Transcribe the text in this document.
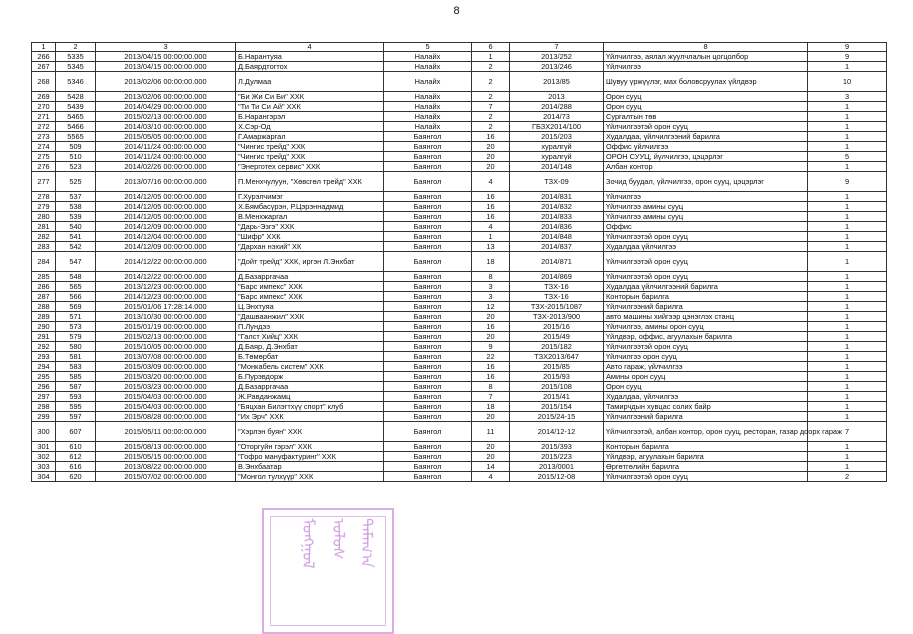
8
1	2	3	4	5	6	7	8	9
266	5335	2013/04/15 00:00:00.000	Б.Нарантуяа	Налайх	1	2013/252	Үйлчилгээ, аялал жуулчлалын цогцолбор	9
267	5345	2013/04/15 00:00:00.000	Д.Баярдтогтох	Налайх	2	2013/246	Үйлчилгээ	1
268	5346	2013/02/06 00:00:00.000	Л.Дулмаа	Налайх	2	2013/85	Шувуу үржүүлэг, мах боловсруулах үйлдвэр	10
269	5428	2013/02/06 00:00:00.000	"Би Жи Си Би" ХХК	Налайх	2	2013	Орон сууц	3
270	5439	2014/04/29 00:00:00.000	"Ти Ти Си Ай" ХХК	Налайх	7	2014/288	Орон сууц	1
271	5465	2015/02/13 00:00:00.000	Б.Нарангэрэл	Налайх	2	2014/73	Сургалтын төв	1
272	5466	2014/03/10 00:00:00.000	Х.Сэр-Од	Налайх	2	ГБЗХ2014/100	Үйлчилгээтэй орон сууц	1
273	5565	2015/05/05 00:00:00.000	Г.Амаржаргал	Баянгол	16	2015/203	Худалдаа, үйлчилгээний барилга	1
274	509	2014/11/24 00:00:00.000	"Чингис трейд" ХХК	Баянгол	20	хуралгүй	Оффис үйлчилгээ	1
275	510	2014/11/24 00:00:00.000	"Чингис трейд" ХХК	Баянгол	20	хуралгүй	ОРОН СУУЦ, йүлчилгээ, цэцэрлэг	5
276	523	2014/02/26 00:00:00.000	"Энерготех сервис" ХХК	Баянгол	20	2014/148	Албан контор	1
277	525	2013/07/16 00:00:00.000	П.Менхчулуун, "Хөвсгөл трейд" ХХК	Баянгол	4	ТЗХ-09	Зочид буудал, үйлчилгээ, орон сууц, цэцэрлэг	9
278	537	2014/12/05 00:00:00.000	Г.Хурэлчимэг	Баянгол	16	2014/831	Үйлчилгээ	1
279	538	2014/12/05 00:00:00.000	Х.Бямбасүрэн, Р.Цэрэннадмид	Баянгол	16	2014/832	Үйлчилгээ амины сууц	1
280	539	2014/12/05 00:00:00.000	В.Менхжаргал	Баянгол	16	2014/833	Үйлчилгээ амины сууц	1
281	540	2014/12/09 00:00:00.000	"Дарь-Эзгэ" ХХК	Баянгол	4	2014/836	Оффис	1
282	541	2014/12/04 00:00:00.000	"Шифр" ХХК	Баянгол	1	2014/848	Үйлчилгээтэй орон сууц	1
283	542	2014/12/09 00:00:00.000	"Дархан нэхий" ХК	Баянгол	13	2014/837	Худалдаа үйлчилгээ	1
284	547	2014/12/22 00:00:00.000	"Дойт трейд" ХХК, иргэн Л.Энхбат	Баянгол	18	2014/871	Үйлчилгээтэй орон сууц	1
285	548	2014/12/22 00:00:00.000	Д.Базарргачаа	Баянгол	8	2014/869	Үйлчилгээтэй орон сууц	1
286	565	2013/12/23 00:00:00.000	"Барс импекс" ХХК	Баянгол	3	ТЗХ-16	Худалдаа үйлчилгээний барилга	1
287	566	2014/12/23 00:00:00.000	"Барс импекс" ХХК	Баянгол	3	ТЗХ-16	Конторын барилга	1
288	569	2015/01/06 17:28:14.000	Ц.Энхтуяа	Баянгол	12	ТЗХ-2015/1087	Үйлчилгээний барилга	1
289	571	2013/10/30 00:00:00.000	"Дашваанжил" ХХК	Баянгол	20	ТЗХ-2013/900	авто машины хийгээр цэнэглэх станц	1
290	573	2015/01/19 00:00:00.000	П.Лундээ	Баянгол	16	2015/16	Үйлчилгээ, амины орон сууц	1
291	579	2015/02/13 00:00:00.000	"Галст Хийц" ХХК	Баянгол	20	2015/49	Үйлдвэр, оффис, агуулахын барилга	1
292	580	2015/10/05 00:00:00.000	Д.Баяр, Д.Энхбат	Баянгол	9	2015/182	Үйлчилгээтэй орон сууц	1
293	581	2013/07/08 00:00:00.000	Б.Төмөрбат	Баянгол	22	ТЗХ2013/647	Үйлчилгээ орон сууц	1
294	583	2015/03/09 00:00:00.000	"Монкабель систем" ХХК	Баянгол	16	2015/85	Авто гараж, үйлчилгээ	1
295	585	2015/03/20 00:00:00.000	Б.Пурэвдорж	Баянгол	16	2015/93	Амины орон сууц	1
296	587	2015/03/23 00:00:00.000	Д.Базарргачаа	Баянгол	8	2015/108	Орон сууц	1
297	593	2015/04/03 00:00:00.000	Ж.Равданжамц	Баянгол	7	2015/41	Худалдаа, үйлчилгээ	1
298	595	2015/04/03 00:00:00.000	"Бяцхан Билэгтхүү спорт" клуб	Баянгол	18	2015/154	Тамирчдын хувцас солих байр	1
299	597	2015/08/28 00:00:00.000	"Их Эрч" ХХК	Баянгол	20	2015/24-15	Үйлчилгээний барилга	1
300	607	2015/05/11 00:00:00.000	"Хэрлэн буян" ХХК	Баянгол	11	2014/12-12	Үйлчилгээтэй, албан контор, орон сууц, ресторан, газар доорх гараж	7
301	610	2015/08/13 00:00:00.000	"Оторгуйн гэрэл" ХХК	Баянгол	20	2015/393	Конторын барилга	1
302	612	2015/05/15 00:00:00.000	"Гофро мануфактуринг" ХХК	Баянгол	20	2015/223	Үйлдвэр, агуулахын барилга	1
303	616	2013/08/22 00:00:00.000	В.Энхбаатар	Баянгол	14	2013/0001	Өргөтгөлийн барилга	1
304	620	2015/07/02 00:00:00.000	"Монгол тулхүүр" ХХК	Баянгол	4	2015/12-08	Үйлчилгээтэй орон сууц	2
ᠮᠣᠩᠭᠣᠯ ᠤᠯᠤᠰ ᠲᠠᠮᠠᠭ᠎ᠠ
